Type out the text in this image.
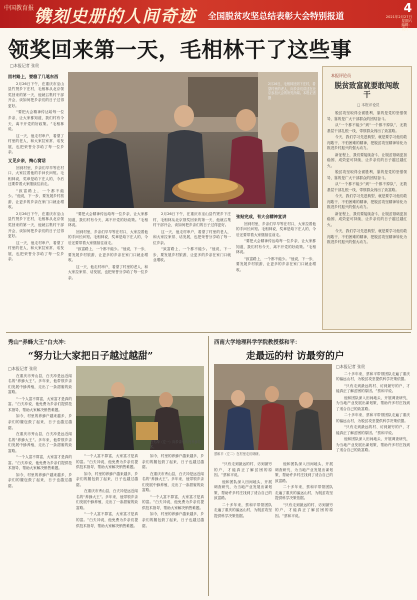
中国教育报 镌刻史册的人间奇迹 全国脱贫攻坚总结表彰大会特别报道
4
2021年2月27日
星期六
编辑：
设计：
领奖回来第一天，毛相林干了这些事
□本报记者 张贵
回村路上，要稳了几笔东西

2月26日下午，在重庆市巫山县竹贤乡下庄村，毛相林从北京领奖回来的第一天，他就召集村干部开会，谈如何把乡亲们的日子过得更好。

“要把大会精神传达给每一位乡亲，让大家都知道，我们村有今天，离不开党的好政策。”毛相林说。

这一天，他走村串户，看望了村里的老人，和大家拉家常、话发展，也把荣誉分享给了每一位乡亲。

又见乡亲，掏心窝话

回到村里，乡亲们早早等在村口，大家拉着他的手问长问短。毛相林说，奖章是给下庄人的，今后还要带着大家继续往前走。

“致富路上，一个都不能少。”他说，下一步，要发展乡村旅游，让更多的乡亲在家门口就业增收。

2月26日下午，在重庆市巫山县竹贤乡下庄村，毛相林从北京领奖回来的第一天，他就召集村干部开会，谈如何把乡亲们的日子过得更好。

这一天，他走村串户，看望了村里的老人，和大家拉家常、话发展，也把荣誉分享给了每一位乡亲。

2月26日，毛相林回到下庄村，看望村里的老人，向乡亲们讲述在北京参加大会的所见所闻。本报记者 摄

“要把大会精神传达给每一位乡亲，让大家都知道，我们村有今天，离不开党的好政策。”毛相林说。

回到村里，乡亲们早早等在村口，大家拉着他的手问长问短。毛相林说，奖章是给下庄人的，今后还要带着大家继续往前走。

“致富路上，一个都不能少。”他说，下一步，要发展乡村旅游，让更多的乡亲在家门口就业增收。

这一天，他走村串户，看望了村里的老人，和大家拉家常、话发展，也把荣誉分享给了每一位乡亲。

2月26日下午，在重庆市巫山县竹贤乡下庄村，毛相林从北京领奖回来的第一天，他就召集村干部开会，谈如何把乡亲们的日子过得更好。

这一天，他走村串户，看望了村里的老人，和大家拉家常、话发展，也把荣誉分享给了每一位乡亲。

“致富路上，一个都不能少。”他说，下一步，要发展乡村旅游，让更多的乡亲在家门口就业增收。

张贴完成，有大会精神宣讲

回到村里，乡亲们早早等在村口，大家拉着他的手问长问短。毛相林说，奖章是给下庄人的，今后还要带着大家继续往前走。

“要把大会精神传达给每一位乡亲，让大家都知道，我们村有今天，离不开党的好政策。”毛相林说。

“致富路上，一个都不能少。”他说，下一步，要发展乡村旅游，让更多的乡亲在家门口就业增收。

本报评论员
脱贫致富就要敢闯敢干
□ 本报评论员

脱贫攻坚取得全面胜利，靠的是党的坚强领导，靠的是广大干部群众的团结奋斗。

从“一个都不能少”到“一个都不掉队”，无数基层干部扎根一线，带领群众闯出了致富路。

今天，我们学习先进典型，就是要学习他们敢闯敢干、不怕困难的精神，把脱贫攻坚精神转化为推进乡村振兴的强大动力。

新征程上，我们要接续奋斗，让脱贫基础更加稳固、成效更可持续，让乡亲们的日子越过越红火。

脱贫攻坚取得全面胜利，靠的是党的坚强领导，靠的是广大干部群众的团结奋斗。

从“一个都不能少”到“一个都不掉队”，无数基层干部扎根一线，带领群众闯出了致富路。

今天，我们学习先进典型，就是要学习他们敢闯敢干、不怕困难的精神，把脱贫攻坚精神转化为推进乡村振兴的强大动力。

新征程上，我们要接续奋斗，让脱贫基础更加稳固、成效更可持续，让乡亲们的日子越过越红火。

今天，我们学习先进典型，就是要学习他们敢闯敢干、不怕困难的精神，把脱贫攻坚精神转化为推进乡村振兴的强大动力。

秀山“养蜂大王”白夫冲：
“努力让大家把日子越过越甜”
□本报记者 张贵

在重庆市秀山县，白夫冲是远近闻名的“养蜂大王”。多年来，他带领乡亲们发展中蜂养殖，走出了一条甜蜜的致富路。

“一个人富不算富，大家富才是真的富。”白夫冲说，他免费为乡亲们提供技术指导，帮助大家解决销售难题。

如今，村里的养蜂户越来越多，乡亲们的腰包鼓了起来，日子也越过越甜。

在重庆市秀山县，白夫冲是远近闻名的“养蜂大王”。多年来，他带领乡亲们发展中蜂养殖，走出了一条甜蜜的致富路。

“一个人富不算富，大家富才是真的富。”白夫冲说，他免费为乡亲们提供技术指导，帮助大家解决销售难题。

如今，村里的养蜂户越来越多，乡亲们的腰包鼓了起来，日子也越过越甜。

白夫冲（左一）向乡亲们传授养蜂技术。

“一个人富不算富，大家富才是真的富。”白夫冲说，他免费为乡亲们提供技术指导，帮助大家解决销售难题。

如今，村里的养蜂户越来越多，乡亲们的腰包鼓了起来，日子也越过越甜。

在重庆市秀山县，白夫冲是远近闻名的“养蜂大王”。多年来，他带领乡亲们发展中蜂养殖，走出了一条甜蜜的致富路。

“一个人富不算富，大家富才是真的富。”白夫冲说，他免费为乡亲们提供技术指导，帮助大家解决销售难题。

如今，村里的养蜂户越来越多，乡亲们的腰包鼓了起来，日子也越过越甜。

在重庆市秀山县，白夫冲是远近闻名的“养蜂大王”。多年来，他带领乡亲们发展中蜂养殖，走出了一条甜蜜的致富路。

“一个人富不算富，大家富才是真的富。”白夫冲说，他免费为乡亲们提供技术指导，帮助大家解决销售难题。

如今，村里的养蜂户越来越多，乡亲们的腰包鼓了起来，日子也越过越甜。

西南大学地理科学学院教授蔡和平：
走最远的村 访最穷的户
蔡和平（左二）在村里走访调研。
□本报记者 张贵

二十多年来，蔡和平带领团队走遍了重庆的偏远山村，为脱贫攻坚提供科学决策依据。

“只有走到最远的村、访到最穷的户，才能真正了解贫困的原因。”蔡和平说。

他和团队深入田间地头，开展调查研究，为当地产业发展出谋划策，帮助许多村庄找到了适合自己的致富路。

二十多年来，蔡和平带领团队走遍了重庆的偏远山村，为脱贫攻坚提供科学决策依据。

“只有走到最远的村、访到最穷的户，才能真正了解贫困的原因。”蔡和平说。

他和团队深入田间地头，开展调查研究，为当地产业发展出谋划策，帮助许多村庄找到了适合自己的致富路。

“只有走到最远的村、访到最穷的户，才能真正了解贫困的原因。”蔡和平说。

他和团队深入田间地头，开展调查研究，为当地产业发展出谋划策，帮助许多村庄找到了适合自己的致富路。

二十多年来，蔡和平带领团队走遍了重庆的偏远山村，为脱贫攻坚提供科学决策依据。

他和团队深入田间地头，开展调查研究，为当地产业发展出谋划策，帮助许多村庄找到了适合自己的致富路。

二十多年来，蔡和平带领团队走遍了重庆的偏远山村，为脱贫攻坚提供科学决策依据。

“只有走到最远的村、访到最穷的户，才能真正了解贫困的原因。”蔡和平说。
